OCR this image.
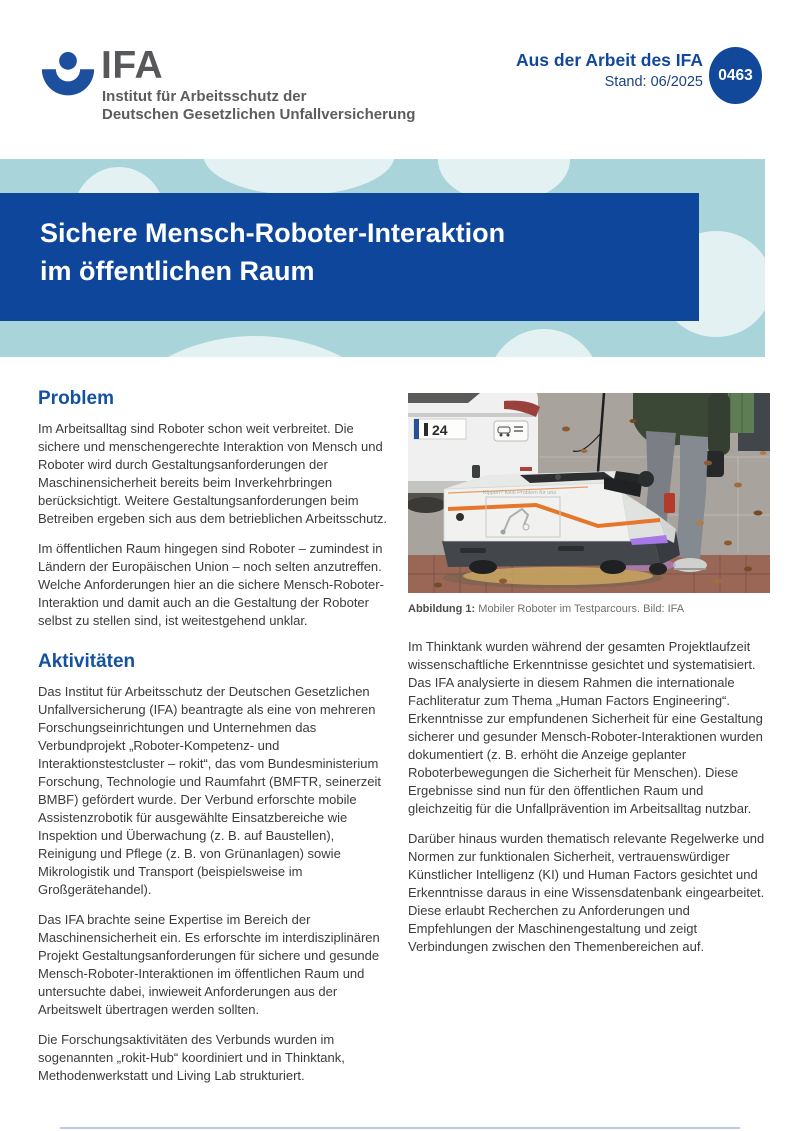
IFA
Institut für Arbeitsschutz der
Deutschen Gesetzlichen Unfallversicherung
Aus der Arbeit des IFA
Stand: 06/2025 0463
Sichere Mensch-Roboter-Interaktion
im öffentlichen Raum
Problem

Im Arbeitsalltag sind Roboter schon weit verbreitet. Die sichere und menschengerechte Interaktion von Mensch und Roboter wird durch Gestaltungsanforderungen der Maschinensicherheit bereits beim Inverkehrbringen berücksichtigt. Weitere Gestaltungsanforderungen beim Betreiben ergeben sich aus dem betrieblichen Arbeitsschutz.

Im öffentlichen Raum hingegen sind Roboter – zumindest in Ländern der Europäischen Union – noch selten anzutreffen. Welche Anforderungen hier an die sichere Mensch-Roboter-Interaktion und damit auch an die Gestaltung der Roboter selbst zu stellen sind, ist weitestgehend unklar.

Aktivitäten

Das Institut für Arbeitsschutz der Deutschen Gesetzlichen Unfallversicherung (IFA) beantragte als eine von mehreren Forschungseinrichtungen und Unternehmen das Verbundprojekt „Roboter-Kompetenz- und Interaktionstestcluster – rokit“, das vom Bundesministerium Forschung, Technologie und Raumfahrt (BMFTR, seinerzeit BMBF) gefördert wurde. Der Verbund erforschte mobile Assistenzrobotik für ausgewählte Einsatzbereiche wie Inspektion und Überwachung (z. B. auf Baustellen), Reinigung und Pflege (z. B. von Grünanlagen) sowie Mikrologistik und Transport (beispielsweise im Großgerätehandel).

Das IFA brachte seine Expertise im Bereich der Maschinensicherheit ein. Es erforschte im interdisziplinären Projekt Gestaltungsanforderungen für sichere und gesunde Mensch-Roboter-Interaktionen im öffentlichen Raum und untersuchte dabei, inwieweit Anforderungen aus der Arbeitswelt übertragen werden sollten.

Die Forschungsaktivitäten des Verbunds wurden im sogenannten „rokit-Hub“ koordiniert und in Thinktank, Methodenwerkstatt und Living Lab strukturiert.

24
Kippen? Kein Problem für uns
Abbildung 1: Mobiler Roboter im Testparcours. Bild: IFA

Im Thinktank wurden während der gesamten Projektlaufzeit wissenschaftliche Erkenntnisse gesichtet und systematisiert. Das IFA analysierte in diesem Rahmen die internationale Fachliteratur zum Thema „Human Factors Engineering“. Erkenntnisse zur empfundenen Sicherheit für eine Gestaltung sicherer und gesunder Mensch-Roboter-Interaktionen wurden dokumentiert (z. B. erhöht die Anzeige geplanter Roboterbewegungen die Sicherheit für Menschen). Diese Ergebnisse sind nun für den öffentlichen Raum und gleichzeitig für die Unfallprävention im Arbeitsalltag nutzbar.

Darüber hinaus wurden thematisch relevante Regelwerke und Normen zur funktionalen Sicherheit, vertrauenswürdiger Künstlicher Intelligenz (KI) und Human Factors gesichtet und Erkenntnisse daraus in eine Wissensdatenbank eingearbeitet. Diese erlaubt Recherchen zu Anforderungen und Empfehlungen der Maschinengestaltung und zeigt Verbindungen zwischen den Themenbereichen auf.
